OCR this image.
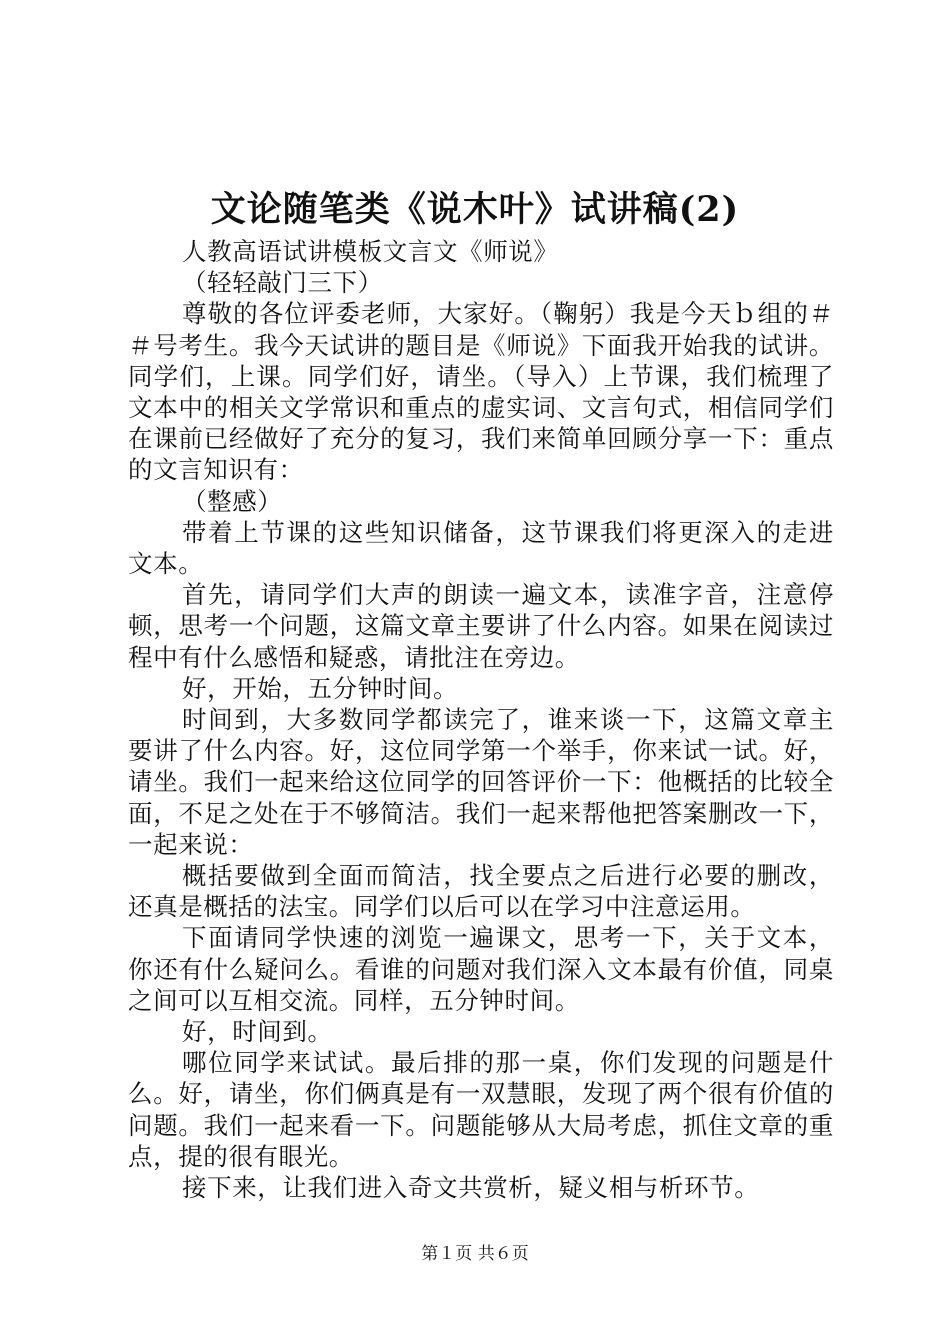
文论随笔类《说木叶》试讲稿(2)

人教高语试讲模板文言文《师说》

（轻轻敲门三下）

尊敬的各位评委老师，大家好。（鞠躬）我是今天ｂ组的＃＃号考生。我今天试讲的题目是《师说》下面我开始我的试讲。同学们，上课。同学们好，请坐。（导入）上节课，我们梳理了文本中的相关文学常识和重点的虚实词、文言句式，相信同学们在课前已经做好了充分的复习，我们来简单回顾分享一下：重点的文言知识有：

（整感）

带着上节课的这些知识储备，这节课我们将更深入的走进文本。

首先，请同学们大声的朗读一遍文本，读准字音，注意停顿，思考一个问题，这篇文章主要讲了什么内容。如果在阅读过程中有什么感悟和疑惑，请批注在旁边。

好，开始，五分钟时间。

时间到，大多数同学都读完了，谁来谈一下，这篇文章主要讲了什么内容。好，这位同学第一个举手，你来试一试。好，请坐。我们一起来给这位同学的回答评价一下：他概括的比较全面，不足之处在于不够简洁。我们一起来帮他把答案删改一下，一起来说：

概括要做到全面而简洁，找全要点之后进行必要的删改，还真是概括的法宝。同学们以后可以在学习中注意运用。

下面请同学快速的浏览一遍课文，思考一下，关于文本，你还有什么疑问么。看谁的问题对我们深入文本最有价值，同桌之间可以互相交流。同样，五分钟时间。

好，时间到。

哪位同学来试试。最后排的那一桌，你们发现的问题是什么。好，请坐，你们俩真是有一双慧眼，发现了两个很有价值的问题。我们一起来看一下。问题能够从大局考虑，抓住文章的重点，提的很有眼光。

接下来，让我们进入奇文共赏析，疑义相与析环节。

第１页 共６页
